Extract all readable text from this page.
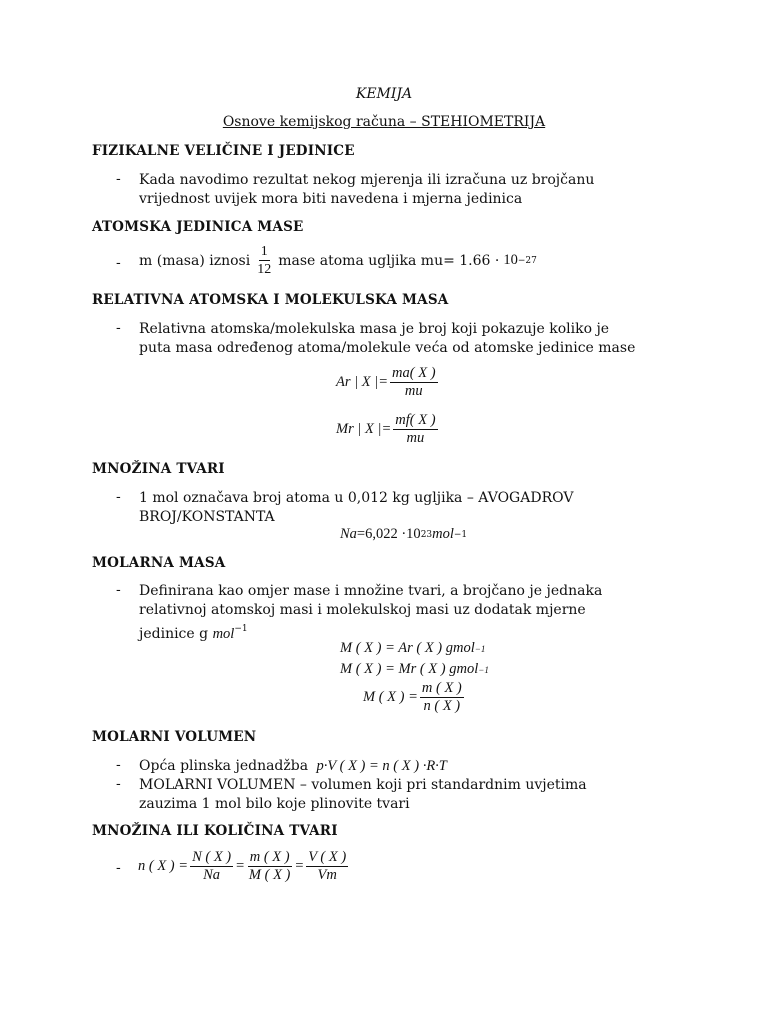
KEMIJA
Osnove kemijskog računa – STEHIOMETRIJA
FIZIKALNE VELIČINE I JEDINICE
- Kada navodimo rezultat nekog mjerenja ili izračuna uz brojčanu
vrijednost uvijek mora biti navedena i mjerna jedinica
ATOMSKA JEDINICA MASE
- m (masa) iznosi $\frac{1}{12}$ mase atoma ugljika mu= 1.66 · 10 −27
RELATIVNA ATOMSKA I MOLEKULSKA MASA
- Relativna atomska/molekulska masa je broj koji pokazuje koliko je
puta masa određenog atoma/molekule veća od atomske jedinice mase
Ar | X |= $\frac{ma( X )}{mu}$
Mr | X |= $\frac{mf( X )}{mu}$
MNOŽINA TVARI
- 1 mol označava broj atoma u 0,012 kg ugljika – AVOGADROV
BROJ/KONSTANTA
Na =6,022 ·10 23 mol −1
MOLARNA MASA
- Definirana kao omjer mase i množine tvari, a brojčano je jednaka
relativnoj atomskoj masi i molekulskoj masi uz dodatak mjerne
jedinice g mol$^{-1}$
M ( X ) = Ar ( X ) gmol −1
M ( X ) = Mr ( X ) gmol −1
M ( X ) = $\frac{m ( X )}{n ( X )}$
MOLARNI VOLUMEN
- Opća plinska jednadžba p·V ( X ) = n ( X ) ·R·T
- MOLARNI VOLUMEN – volumen koji pri standardnim uvjetima
zauzima 1 mol bilo koje plinovite tvari
MNOŽINA ILI KOLIČINA TVARI
- n ( X ) = $\frac{N ( X )}{Na} = \frac{m ( X )}{M ( X )} = \frac{V ( X )}{Vm}$
